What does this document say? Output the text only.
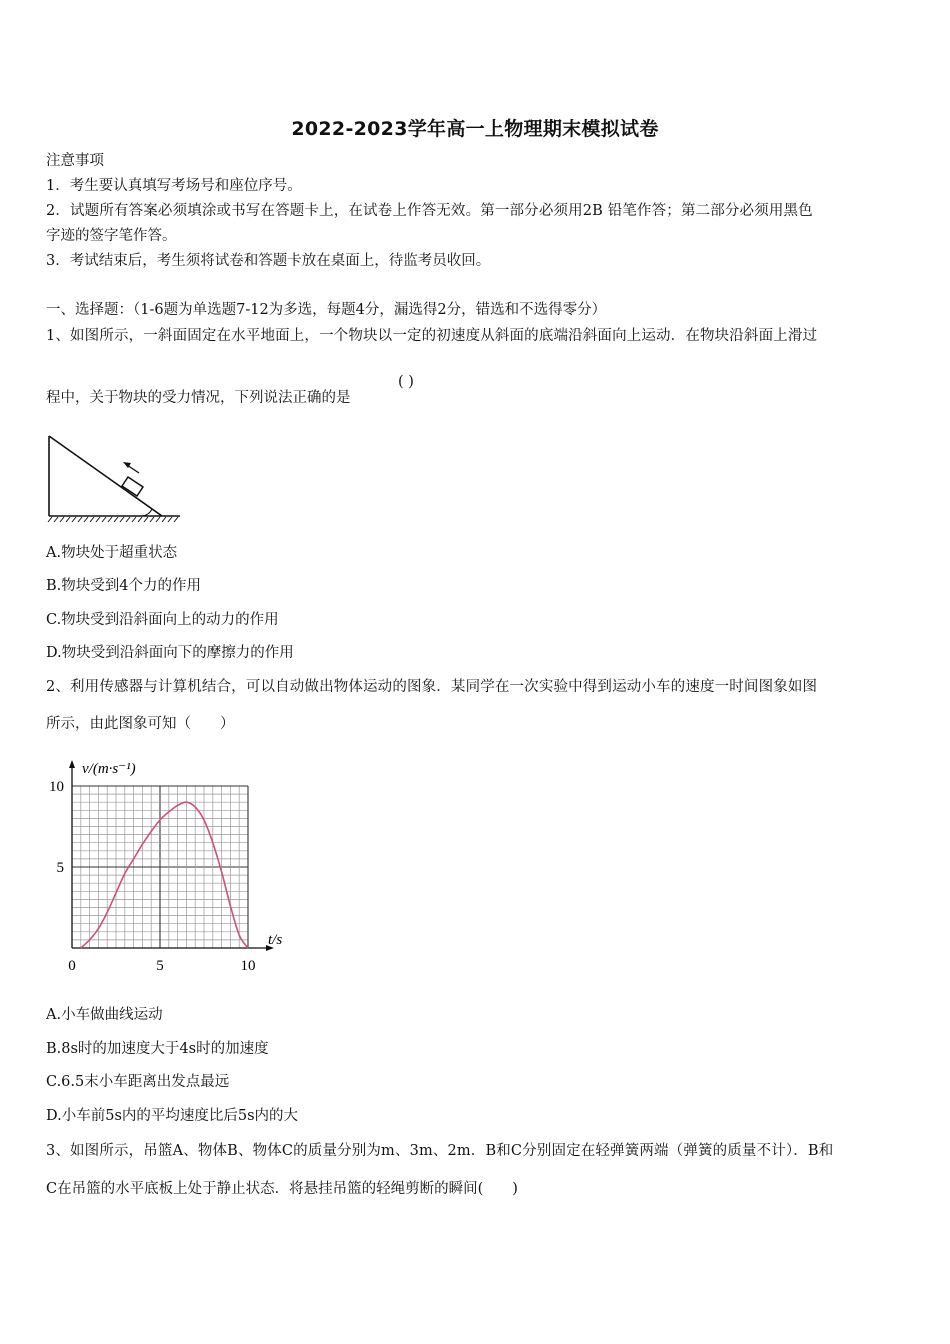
2022-2023学年高一上物理期末模拟试卷
注意事项
1．考生要认真填写考场号和座位序号。
2．试题所有答案必须填涂或书写在答题卡上，在试卷上作答无效。第一部分必须用2B 铅笔作答；第二部分必须用黑色
字迹的签字笔作答。
3．考试结束后，考生须将试卷和答题卡放在桌面上，待监考员收回。
一、选择题：（1-6题为单选题7-12为多选，每题4分，漏选得2分，错选和不选得零分）
1、如图所示，一斜面固定在水平地面上，一个物块以一定的初速度从斜面的底端沿斜面向上运动．在物块沿斜面上滑过
程中，关于物块的受力情况，下列说法正确的是
( )
A.物块处于超重状态
B.物块受到4个力的作用
C.物块受到沿斜面向上的动力的作用
D.物块受到沿斜面向下的摩擦力的作用
2、利用传感器与计算机结合，可以自动做出物体运动的图象．某同学在一次实验中得到运动小车的速度一时间图象如图
所示，由此图象可知（　　）
0	5	10
5
10
v/(m·s⁻¹)
t/s
A.小车做曲线运动
B.8s时的加速度大于4s时的加速度
C.6.5末小车距离出发点最远
D.小车前5s内的平均速度比后5s内的大
3、如图所示，吊篮A、物体B、物体C的质量分别为m、3m、2m．B和C分别固定在轻弹簧两端（弹簧的质量不计）．B和
C在吊篮的水平底板上处于静止状态．将悬挂吊篮的轻绳剪断的瞬间(　　)
